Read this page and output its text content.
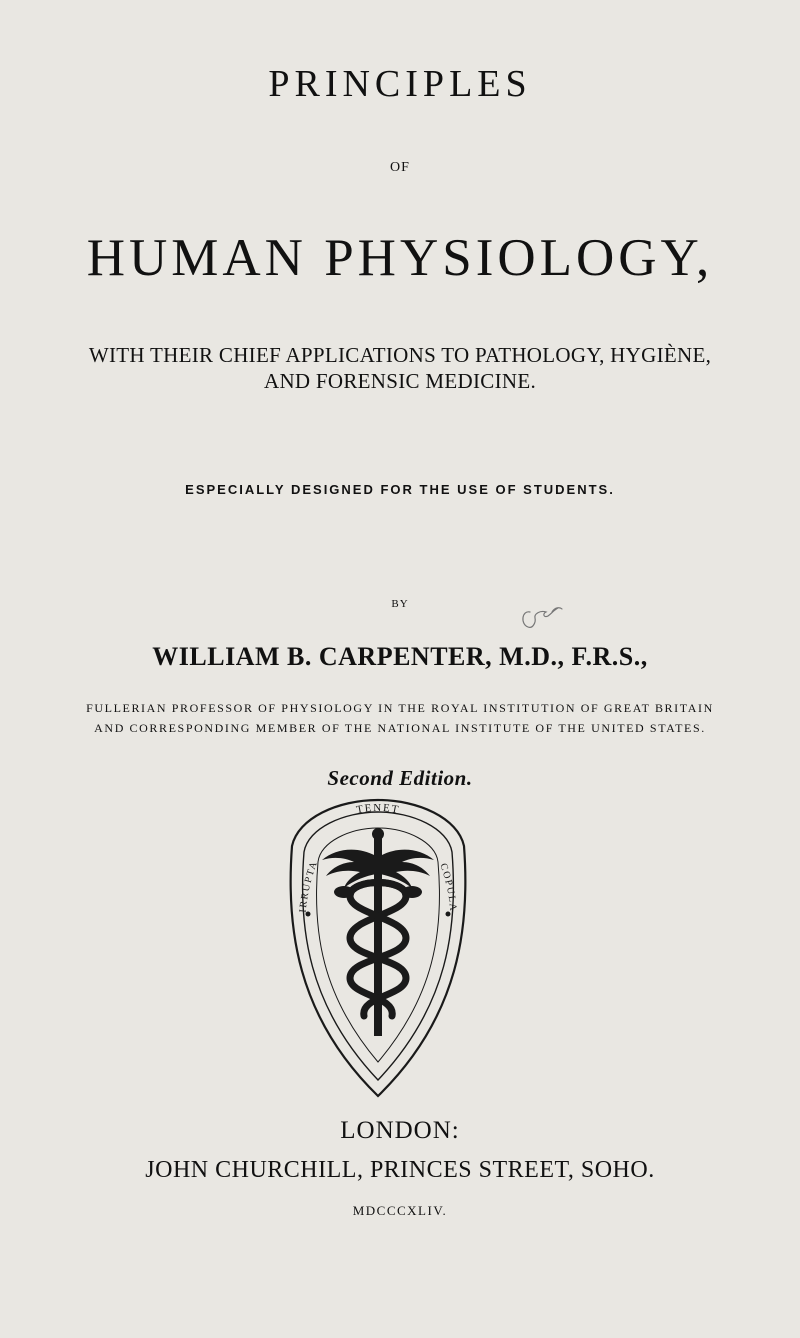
PRINCIPLES
OF
HUMAN PHYSIOLOGY,
WITH THEIR CHIEF APPLICATIONS TO PATHOLOGY, HYGIÈNE,
AND FORENSIC MEDICINE.
ESPECIALLY DESIGNED FOR THE USE OF STUDENTS.
BY
WILLIAM B. CARPENTER, M.D., F.R.S.,
FULLERIAN PROFESSOR OF PHYSIOLOGY IN THE ROYAL INSTITUTION OF GREAT BRITAIN
AND CORRESPONDING MEMBER OF THE NATIONAL INSTITUTE OF THE UNITED STATES.
Second Edition.
TENET
IRRUPTA	COPULA
LONDON:
JOHN CHURCHILL, PRINCES STREET, SOHO.
MDCCCXLIV.
